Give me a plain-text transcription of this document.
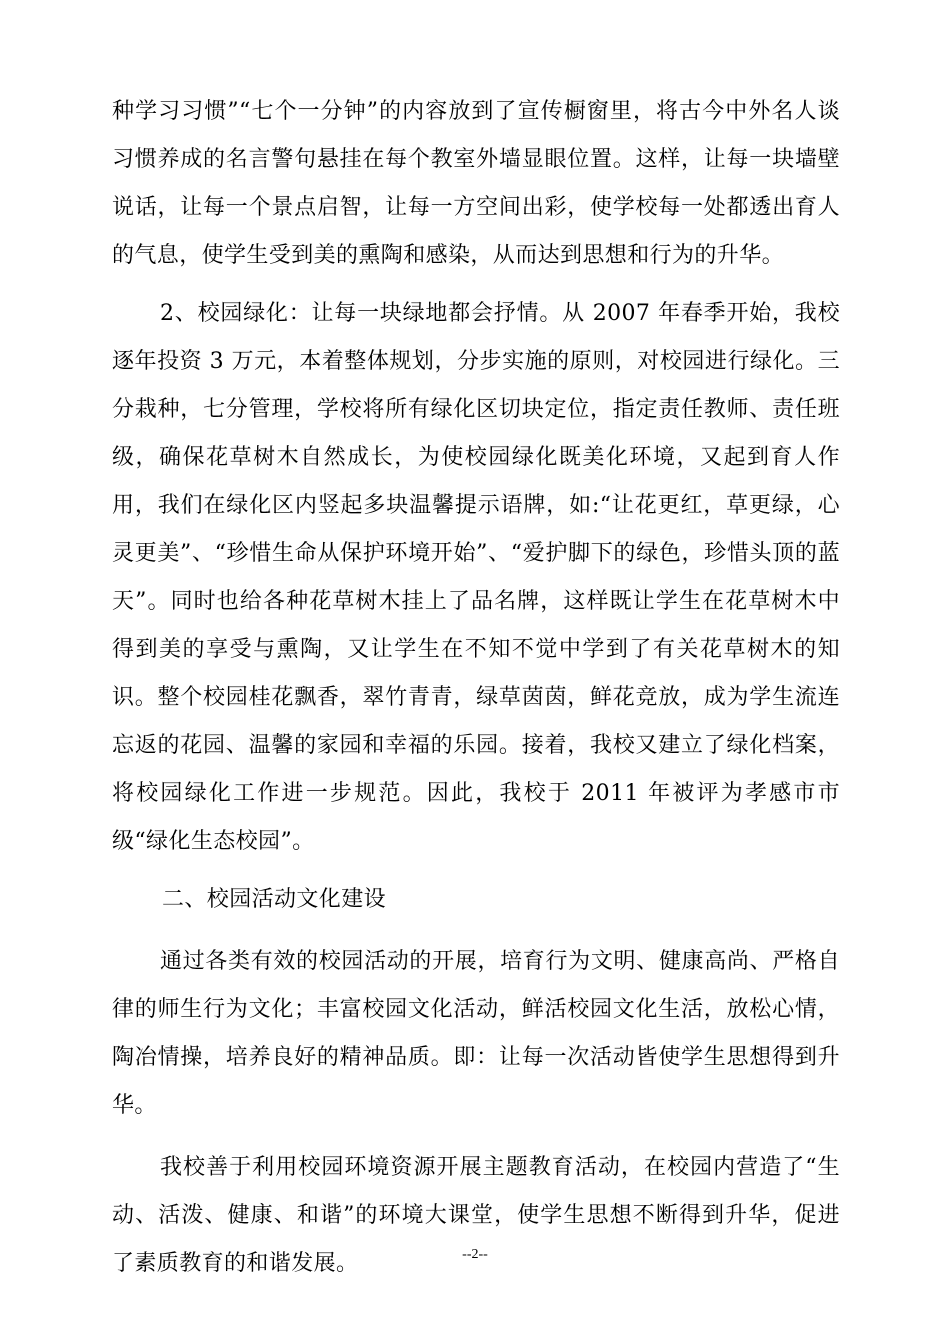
种学习习惯”“七个一分钟”的内容放到了宣传橱窗里，将古今中外名人谈习惯养成的名言警句悬挂在每个教室外墙显眼位置。这样，让每一块墙壁说话，让每一个景点启智，让每一方空间出彩，使学校每一处都透出育人的气息，使学生受到美的熏陶和感染，从而达到思想和行为的升华。

2、校园绿化：让每一块绿地都会抒情。从 2007 年春季开始，我校逐年投资 3 万元，本着整体规划，分步实施的原则，对校园进行绿化。三分栽种，七分管理，学校将所有绿化区切块定位，指定责任教师、责任班级，确保花草树木自然成长，为使校园绿化既美化环境，又起到育人作用，我们在绿化区内竖起多块温馨提示语牌，如:“让花更红，草更绿，心灵更美”、“珍惜生命从保护环境开始”、“爱护脚下的绿色，珍惜头顶的蓝天”。同时也给各种花草树木挂上了品名牌，这样既让学生在花草树木中得到美的享受与熏陶，又让学生在不知不觉中学到了有关花草树木的知识。整个校园桂花飘香，翠竹青青，绿草茵茵，鲜花竞放，成为学生流连忘返的花园、温馨的家园和幸福的乐园。接着，我校又建立了绿化档案，将校园绿化工作进一步规范。因此，我校于 2011 年被评为孝感市市级“绿化生态校园”。

二、校园活动文化建设

通过各类有效的校园活动的开展，培育行为文明、健康高尚、严格自律的师生行为文化；丰富校园文化活动，鲜活校园文化生活，放松心情，陶冶情操，培养良好的精神品质。即：让每一次活动皆使学生思想得到升华。

我校善于利用校园环境资源开展主题教育活动，在校园内营造了“生动、活泼、健康、和谐”的环境大课堂，使学生思想不断得到升华，促进了素质教育的和谐发展。	--2--
